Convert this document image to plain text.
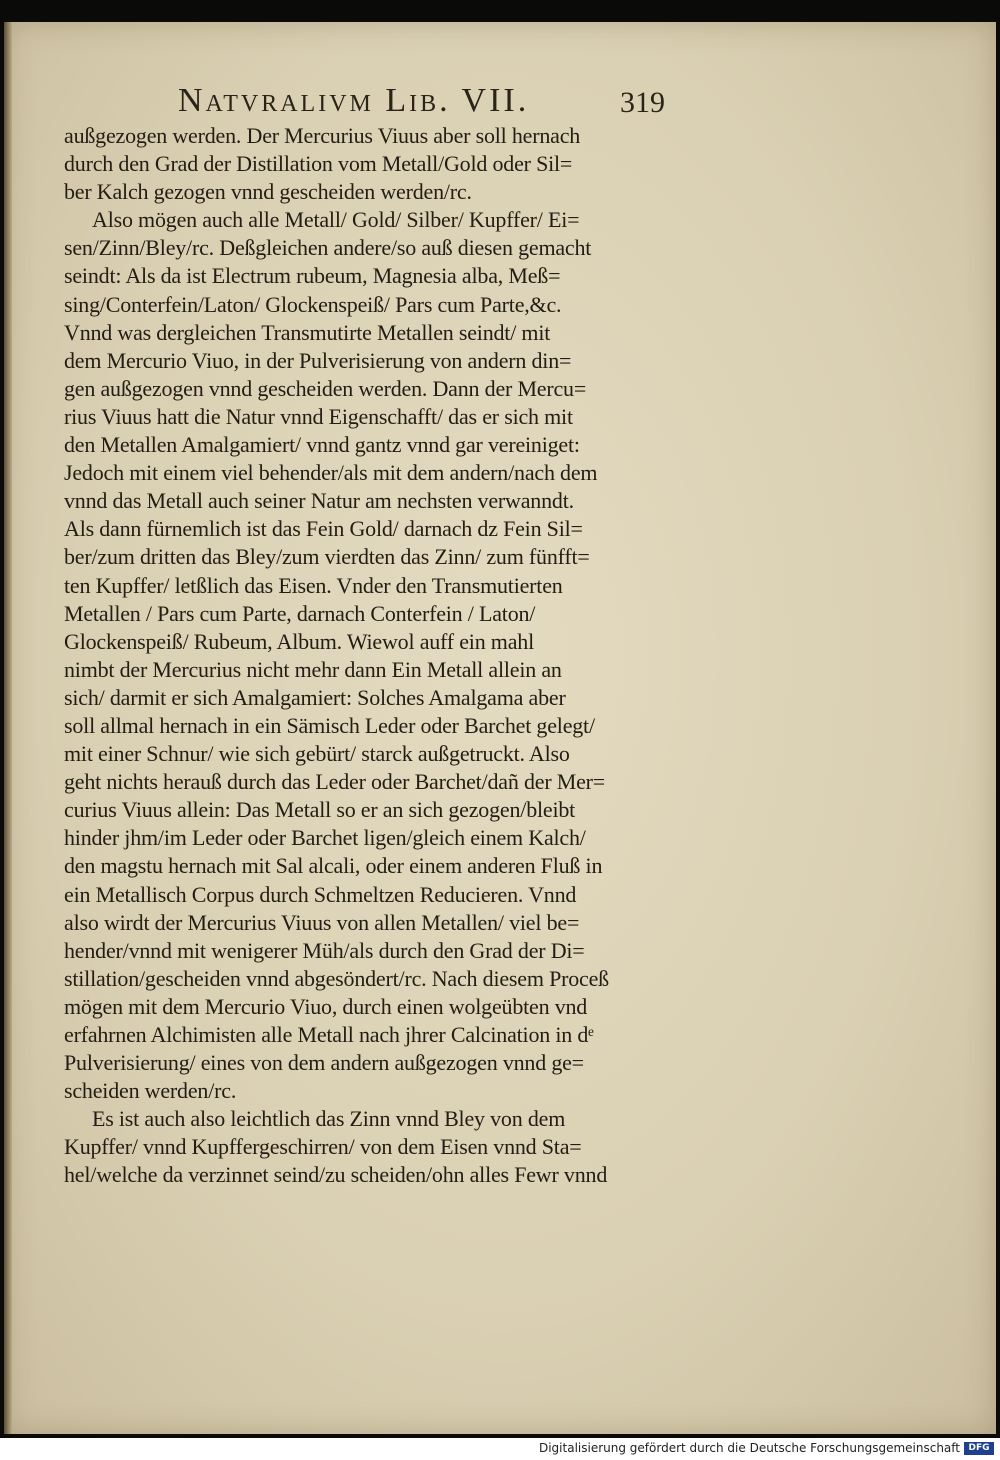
Natvralivm Lib. VII.	319
außgezogen werden. Der Mercurius Viuus aber soll hernach
durch den Grad der Distillation vom Metall/Gold oder Sil=
ber Kalch gezogen vnnd gescheiden werden/rc.
Also mögen auch alle Metall/ Gold/ Silber/ Kupffer/ Ei=
sen/Zinn/Bley/rc. Deßgleichen andere/so auß diesen gemacht
seindt: Als da ist Electrum rubeum, Magnesia alba, Meß=
sing/Conterfein/Laton/ Glockenspeiß/ Pars cum Parte,&c.
Vnnd was dergleichen Transmutirte Metallen seindt/ mit
dem Mercurio Viuo, in der Pulverisierung von andern din=
gen außgezogen vnnd gescheiden werden. Dann der Mercu=
rius Viuus hatt die Natur vnnd Eigenschafft/ das er sich mit
den Metallen Amalgamiert/ vnnd gantz vnnd gar vereiniget:
Jedoch mit einem viel behender/als mit dem andern/nach dem
vnnd das Metall auch seiner Natur am nechsten verwanndt.
Als dann fürnemlich ist das Fein Gold/ darnach dz Fein Sil=
ber/zum dritten das Bley/zum vierdten das Zinn/ zum fünfft=
ten Kupffer/ letßlich das Eisen. Vnder den Transmutierten
Metallen / Pars cum Parte, darnach Conterfein / Laton/
Glockenspeiß/ Rubeum, Album. Wiewol auff ein mahl
nimbt der Mercurius nicht mehr dann Ein Metall allein an
sich/ darmit er sich Amalgamiert: Solches Amalgama aber
soll allmal hernach in ein Sämisch Leder oder Barchet gelegt/
mit einer Schnur/ wie sich gebürt/ starck außgetruckt. Also
geht nichts herauß durch das Leder oder Barchet/dañ der Mer=
curius Viuus allein: Das Metall so er an sich gezogen/bleibt
hinder jhm/im Leder oder Barchet ligen/gleich einem Kalch/
den magstu hernach mit Sal alcali, oder einem anderen Fluß in
ein Metallisch Corpus durch Schmeltzen Reducieren. Vnnd
also wirdt der Mercurius Viuus von allen Metallen/ viel be=
hender/vnnd mit wenigerer Müh/als durch den Grad der Di=
stillation/gescheiden vnnd abgesöndert/rc. Nach diesem Proceß
mögen mit dem Mercurio Viuo, durch einen wolgeübten vnd
erfahrnen Alchimisten alle Metall nach jhrer Calcination in dᵉ
Pulverisierung/ eines von dem andern außgezogen vnnd ge=
scheiden werden/rc.
Es ist auch also leichtlich das Zinn vnnd Bley von dem
Kupffer/ vnnd Kupffergeschirren/ von dem Eisen vnnd Sta=
hel/welche da verzinnet seind/zu scheiden/ohn alles Fewr vnnd
Digitalisierung gefördert durch die Deutsche Forschungsgemeinschaft DFG
